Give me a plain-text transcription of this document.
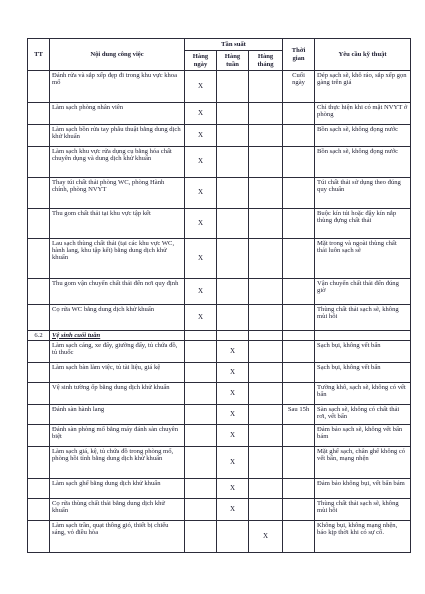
TT	Nội dung công việc	Tần suất			Thời gian	Yêu cầu kỹ thuật
		Hàng ngày	Hàng tuần	Hàng tháng		
	Đánh rửa và sắp xếp đẹp đi trong khu vực khoa mổ	X			Cuối ngày	Dép sạch sẽ, khô ráo, sắp xếp gọn gàng trên giá
	Làm sạch phòng nhân viên	X				Chỉ thực hiện khi có mặt NVYT ở phòng
	Làm sạch bồn rửa tay phẫu thuật bằng dung dịch khử khuẩn	X				Bồn sạch sẽ, không đọng nước
	Làm sạch khu vực rửa dụng cụ bằng hóa chất chuyên dụng và dung dịch khử khuẩn	X				Bồn sạch sẽ, không đọng nước
	Thay túi chất thải phòng WC, phòng Hành chính, phòng NVYT	X				Túi chất thải sử dụng theo đúng quy chuẩn
	Thu gom chất thải tại khu vực tập kết	X				Buộc kín túi hoặc đậy kín nắp thùng đựng chất thải
	Lau sạch thùng chất thải (tại các khu vực WC, hành lang, khu tập kết) bằng dung dịch khử khuẩn	X				Mặt trong và ngoài thùng chất thải luôn sạch sẽ
	Thu gom vận chuyển chất thải đến nơi quy định	X				Vận chuyển chất thải đến đúng giờ
	Cọ rửa WC bằng dung dịch khử khuẩn	X				Thùng chất thải sạch sẽ, không mùi hôi
6.2	Vệ sinh cuối tuần					
	Làm sạch cáng, xe đẩy, giường đẩy, tủ chứa đồ, tủ thuốc		X			Sạch bụi, không vết bẩn
	Làm sạch bàn làm việc, tủ tài liệu, giá kệ		X			Sạch bụi, không vết bẩn
	Vệ sinh tường ốp bằng dung dịch khử khuẩn		X			Tường khô, sạch sẽ, không có vết bẩn
	Đánh sàn hành lang		X		Sau 15h	Sàn sạch sẽ, không có chất thải rơi, vết bẩn
	Đánh sàn phòng mổ bằng máy đánh sàn chuyên biệt		X			Đảm bảo sạch sẽ, không vết bẩn bám
	Làm sạch giá, kệ, tủ chứa đồ trong phòng mổ, phòng hồi tỉnh bằng dung dịch khử khuẩn		X			Mặt ghế sạch, chân ghế không có vết bẩn, mạng nhện
	Làm sạch ghế bằng dung dịch khử khuẩn		X			Đảm bảo không bụi, vết bẩn bám
	Cọ rửa thùng chất thải bằng dung dịch khử khuẩn		X			Thùng chất thải sạch sẽ, không mùi hôi
	Làm sạch trần, quạt thông gió, thiết bị chiếu sáng, vỏ điều hòa			X		Không bụi, không mạng nhện, báo kịp thời khi có sự cố.
